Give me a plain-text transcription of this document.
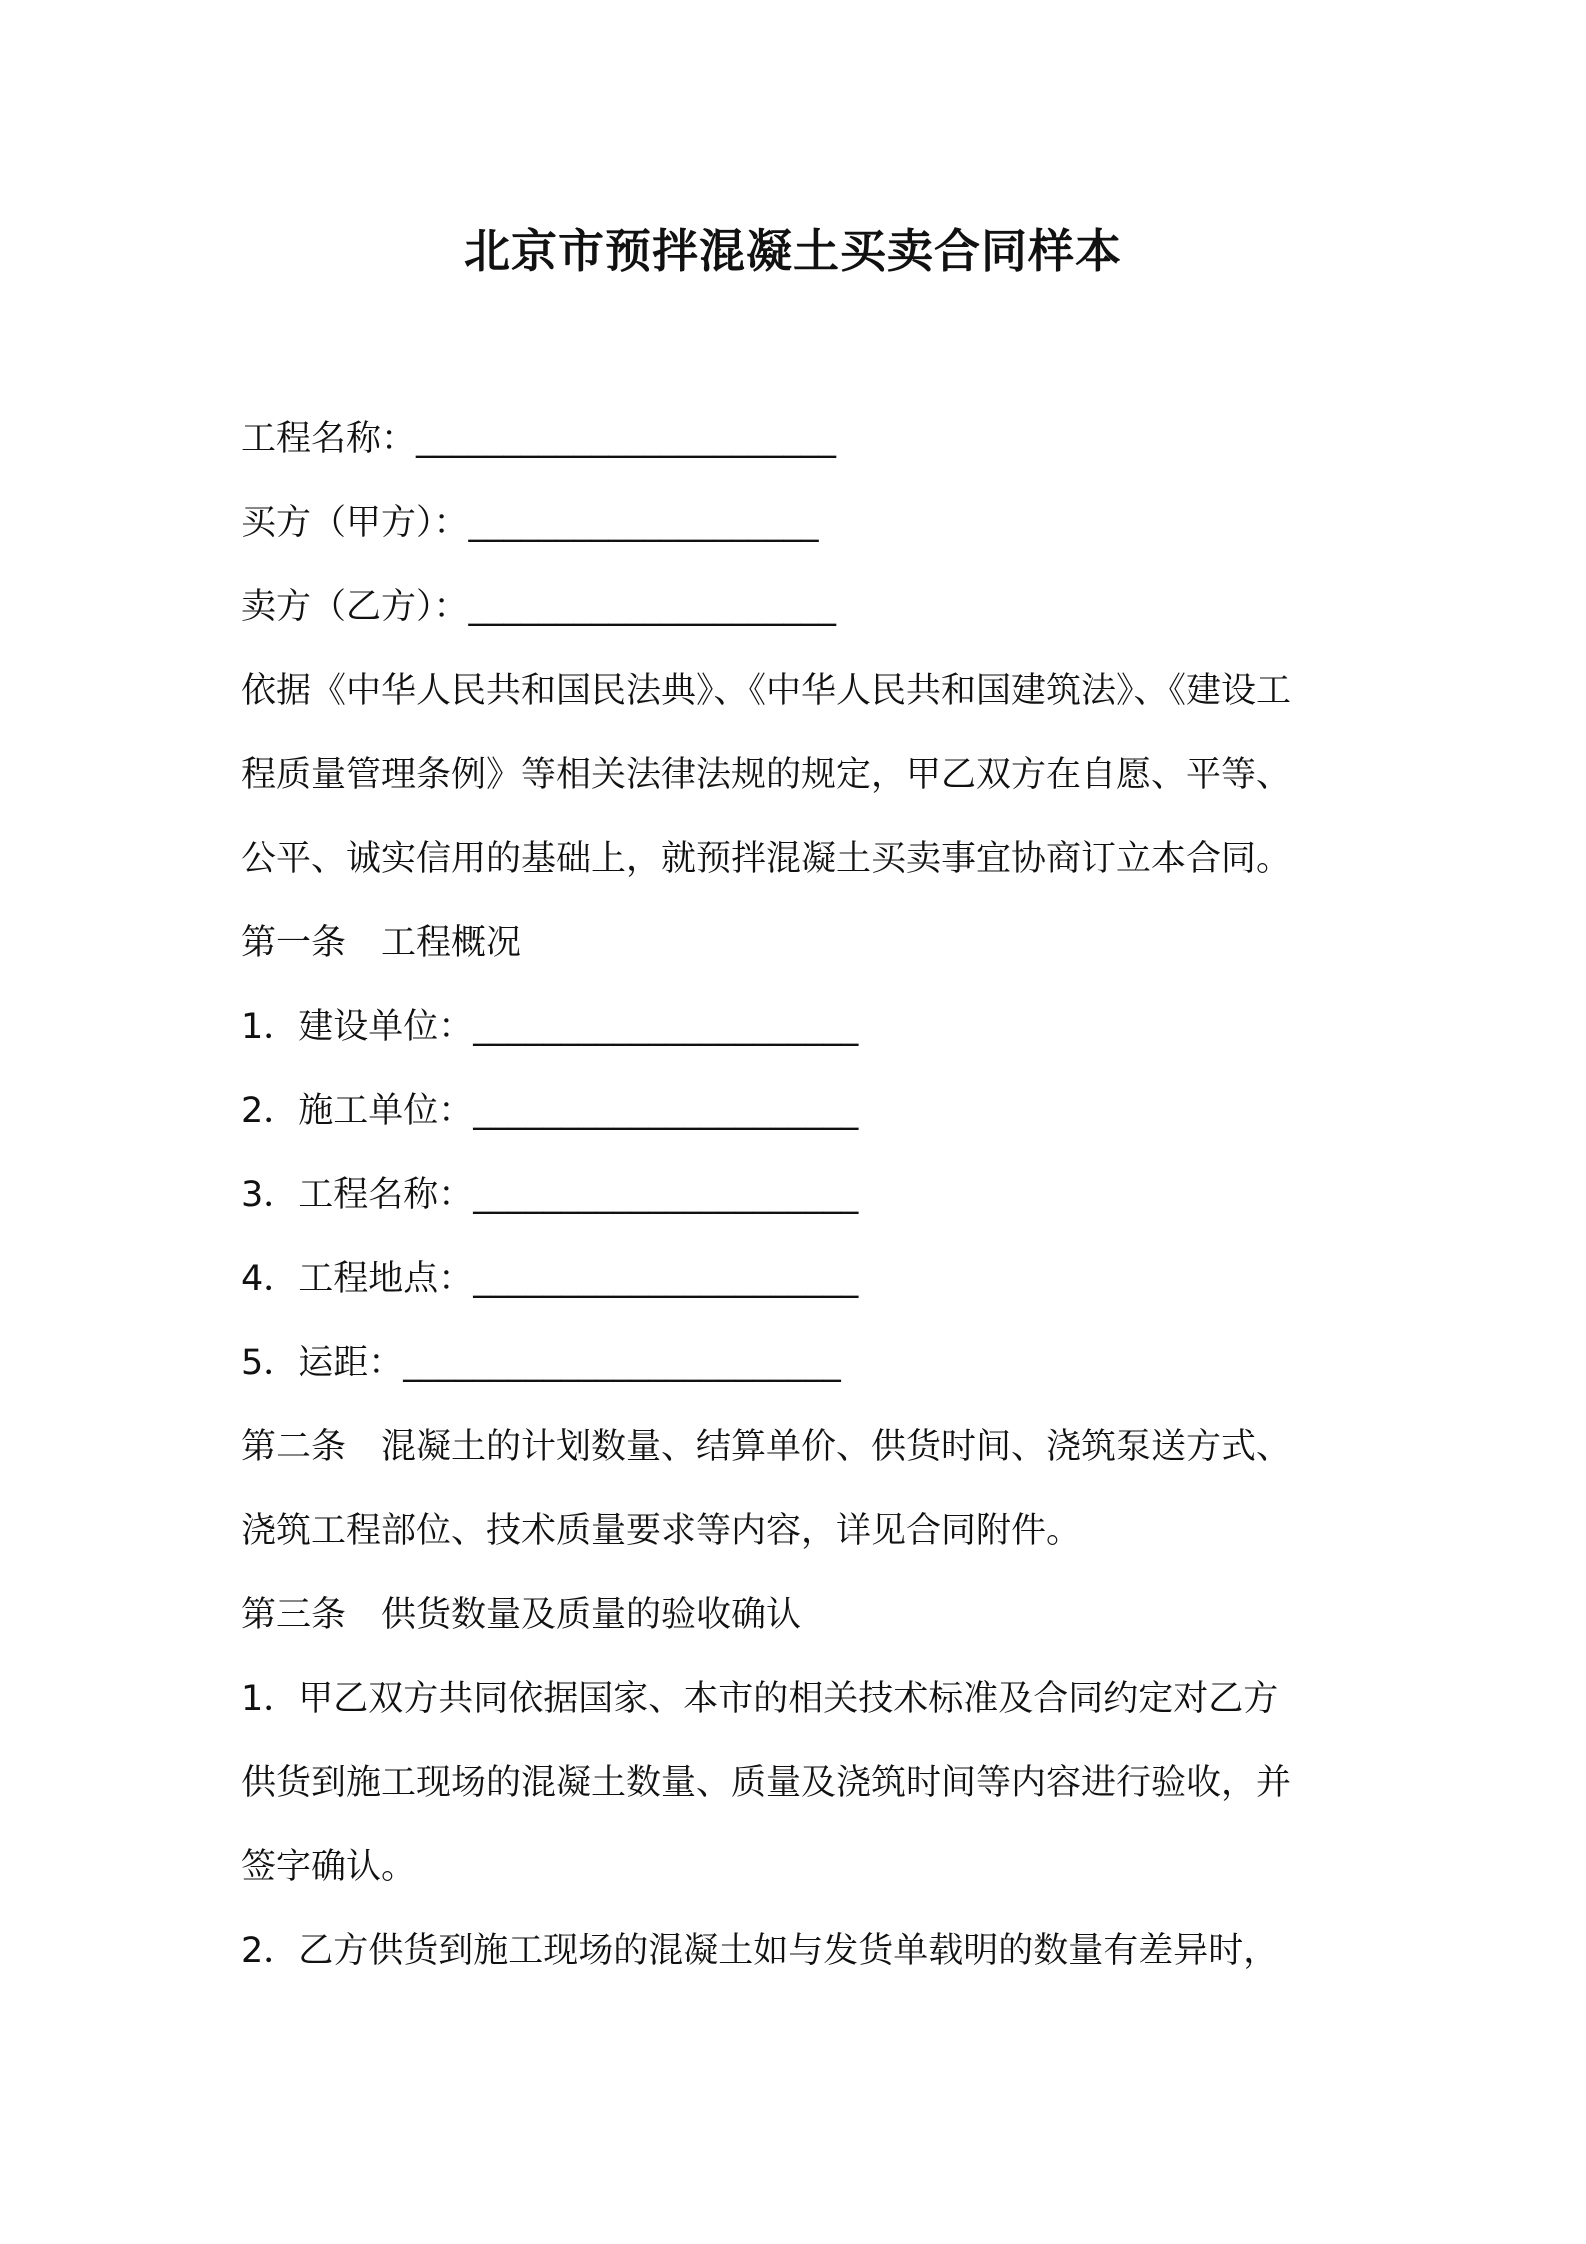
北京市预拌混凝土买卖合同样本

工程名称：________________________

买方（甲方）：____________________

卖方（乙方）：_____________________

依据《中华人民共和国民法典》、《中华人民共和国建筑法》、《建设工

程质量管理条例》等相关法律法规的规定，甲乙双方在自愿、平等、

公平、诚实信用的基础上，就预拌混凝土买卖事宜协商订立本合同。

第一条　工程概况

1．建设单位：______________________

2．施工单位：______________________

3．工程名称：______________________

4．工程地点：______________________

5．运距：_________________________

第二条　混凝土的计划数量、结算单价、供货时间、浇筑泵送方式、

浇筑工程部位、技术质量要求等内容，详见合同附件。

第三条　供货数量及质量的验收确认

1．甲乙双方共同依据国家、本市的相关技术标准及合同约定对乙方

供货到施工现场的混凝土数量、质量及浇筑时间等内容进行验收，并

签字确认。

2．乙方供货到施工现场的混凝土如与发货单载明的数量有差异时，
